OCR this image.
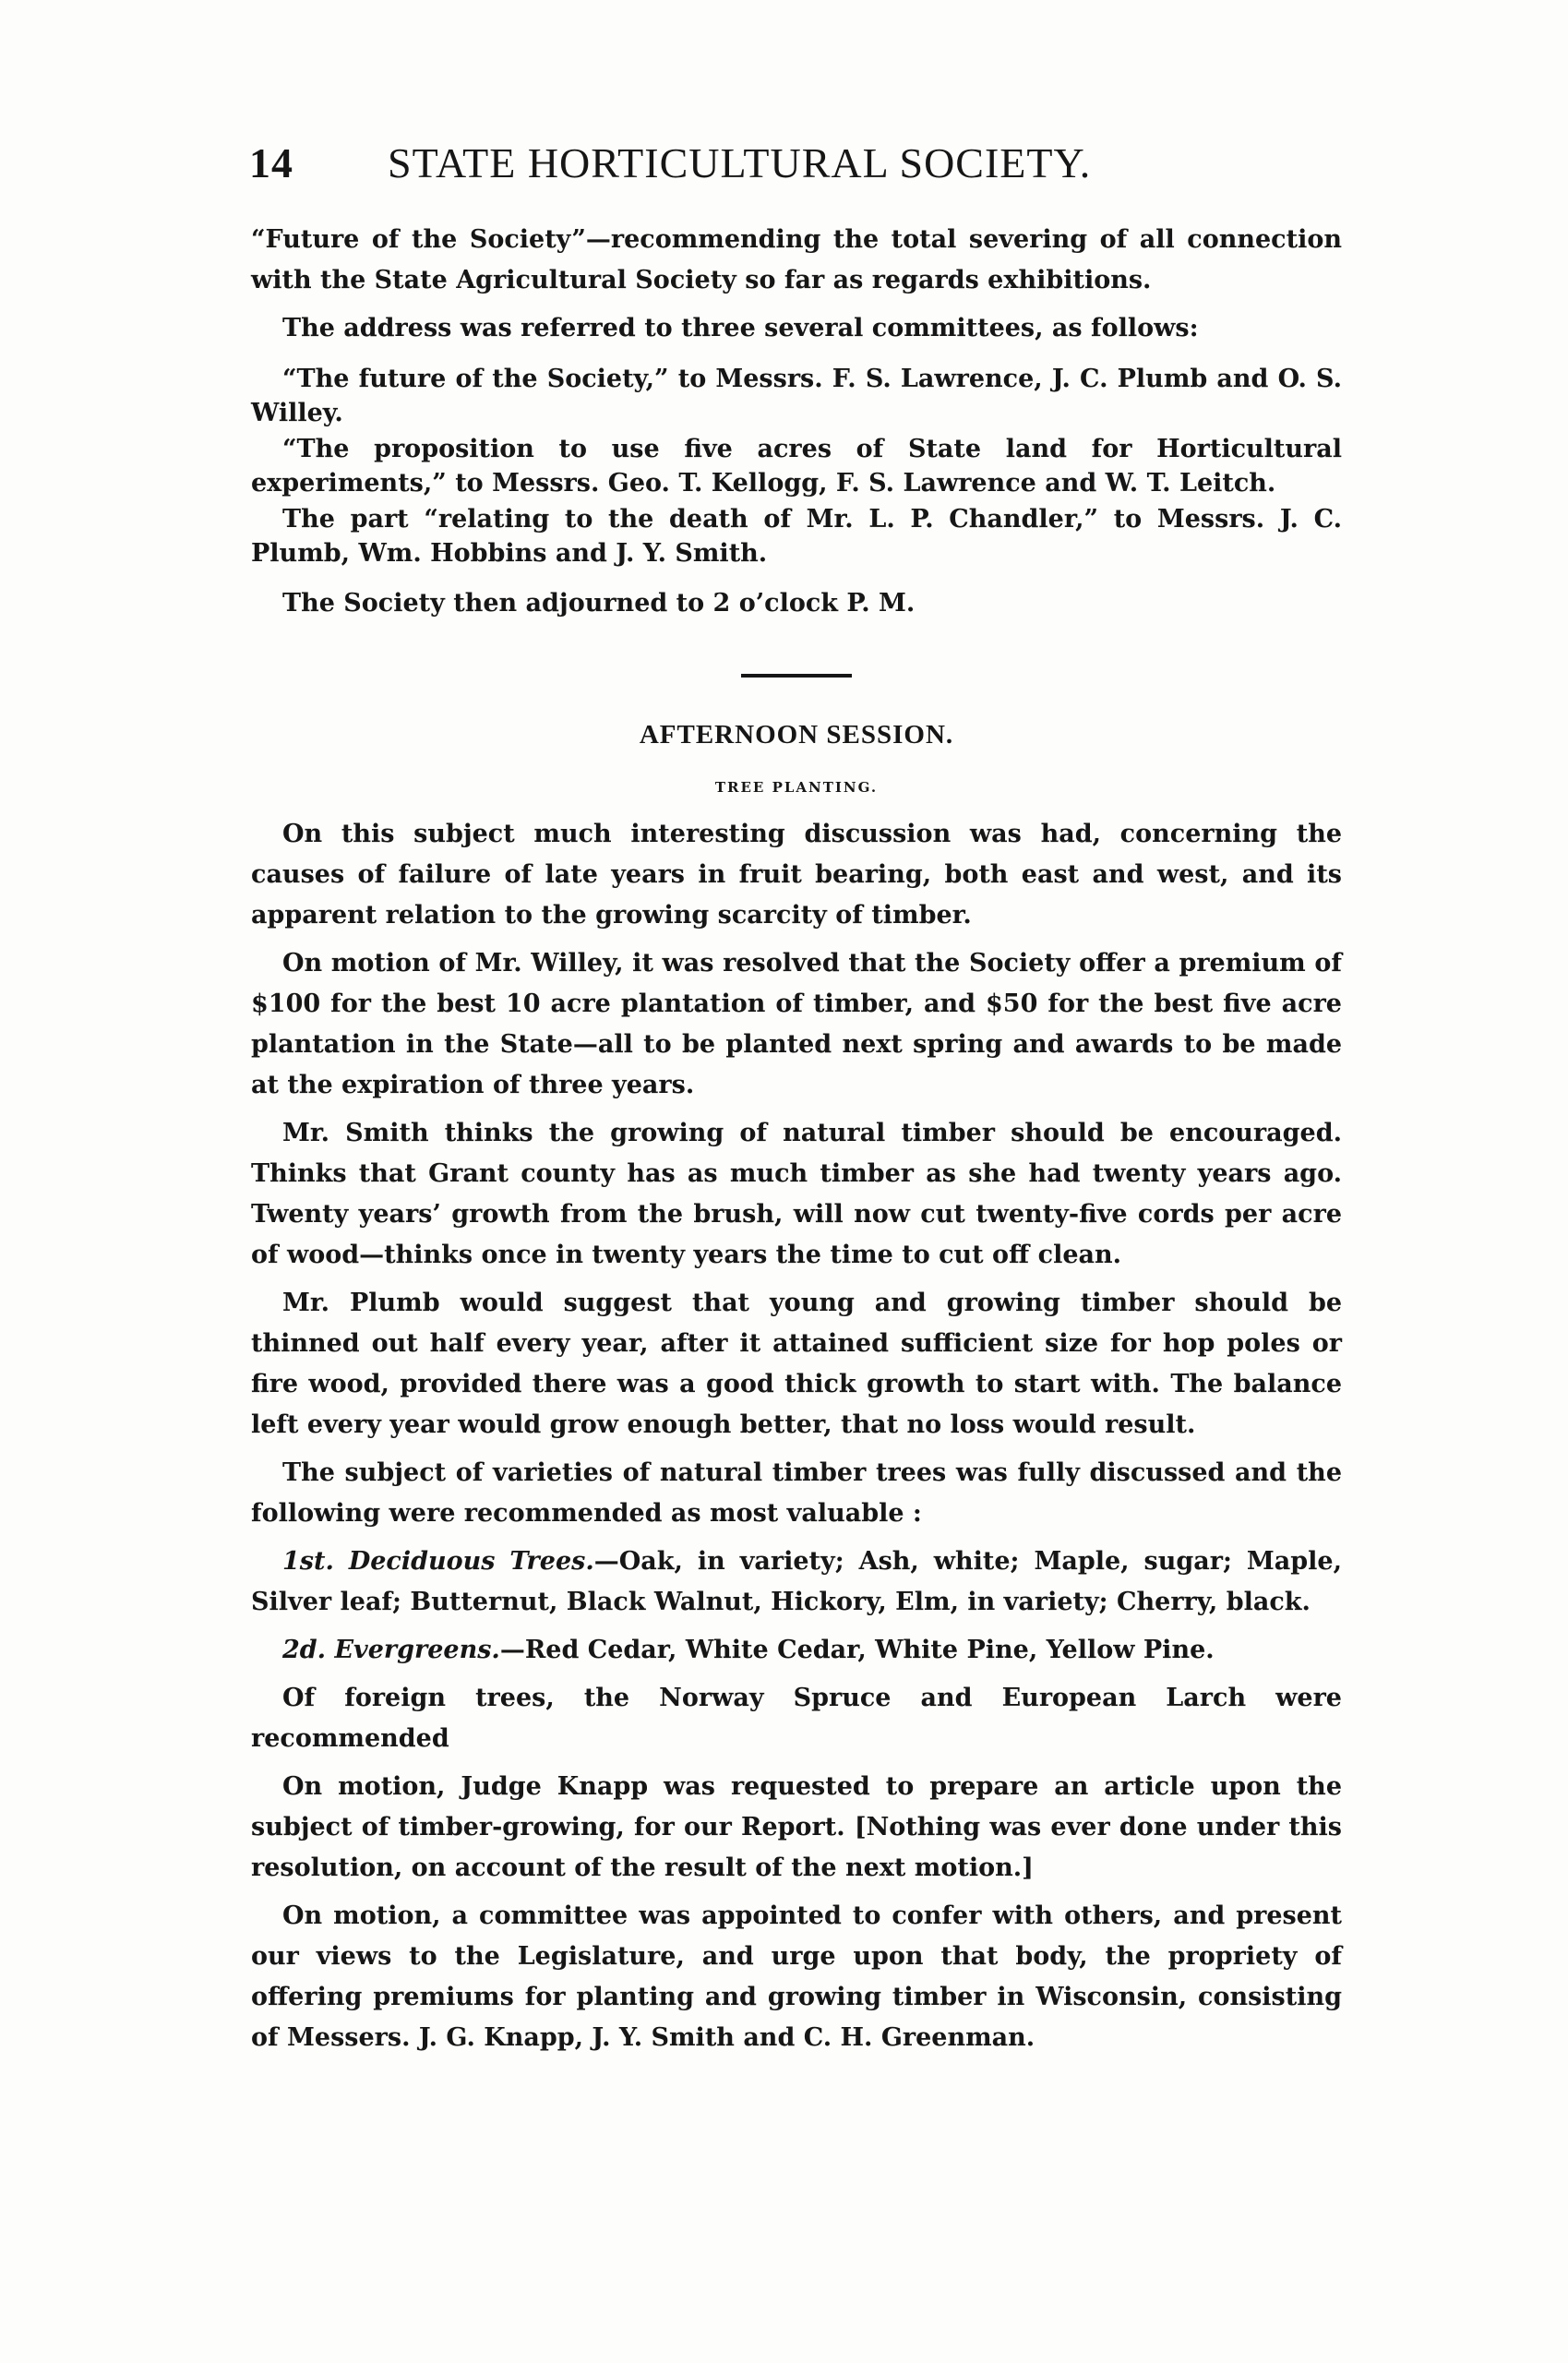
14 STATE HORTICULTURAL SOCIETY.

“Future of the Society”—recommending the total severing of all connection with the State Agricultural Society so far as regards exhibitions.

The address was referred to three several committees, as follows:

“The future of the Society,” to Messrs. F. S. Lawrence, J. C. Plumb and O. S. Willey.

“The proposition to use five acres of State land for Horticultural experiments,” to Messrs. Geo. T. Kellogg, F. S. Lawrence and W. T. Leitch.

The part “relating to the death of Mr. L. P. Chandler,” to Messrs. J. C. Plumb, Wm. Hobbins and J. Y. Smith.

The Society then adjourned to 2 o’clock P. M.

AFTERNOON SESSION.
TREE PLANTING.

On this subject much interesting discussion was had, concerning the causes of failure of late years in fruit bearing, both east and west, and its apparent relation to the growing scarcity of timber.

On motion of Mr. Willey, it was resolved that the Society offer a premium of $100 for the best 10 acre plantation of timber, and $50 for the best five acre plantation in the State—all to be planted next spring and awards to be made at the expiration of three years.

Mr. Smith thinks the growing of natural timber should be encouraged. Thinks that Grant county has as much timber as she had twenty years ago. Twenty years’ growth from the brush, will now cut twenty-five cords per acre of wood—thinks once in twenty years the time to cut off clean.

Mr. Plumb would suggest that young and growing timber should be thinned out half every year, after it attained sufficient size for hop poles or fire wood, provided there was a good thick growth to start with. The balance left every year would grow enough better, that no loss would result.

The subject of varieties of natural timber trees was fully discussed and the following were recommended as most valuable :

1st. Deciduous Trees.—Oak, in variety; Ash, white; Maple, sugar; Maple, Silver leaf; Butternut, Black Walnut, Hickory, Elm, in variety; Cherry, black.

2d. Evergreens.—Red Cedar, White Cedar, White Pine, Yellow Pine.

Of foreign trees, the Norway Spruce and European Larch were recommended

On motion, Judge Knapp was requested to prepare an article upon the subject of timber-growing, for our Report. [Nothing was ever done under this resolution, on account of the result of the next motion.]

On motion, a committee was appointed to confer with others, and present our views to the Legislature, and urge upon that body, the propriety of offering premiums for planting and growing timber in Wisconsin, consisting of Messers. J. G. Knapp, J. Y. Smith and C. H. Greenman.
